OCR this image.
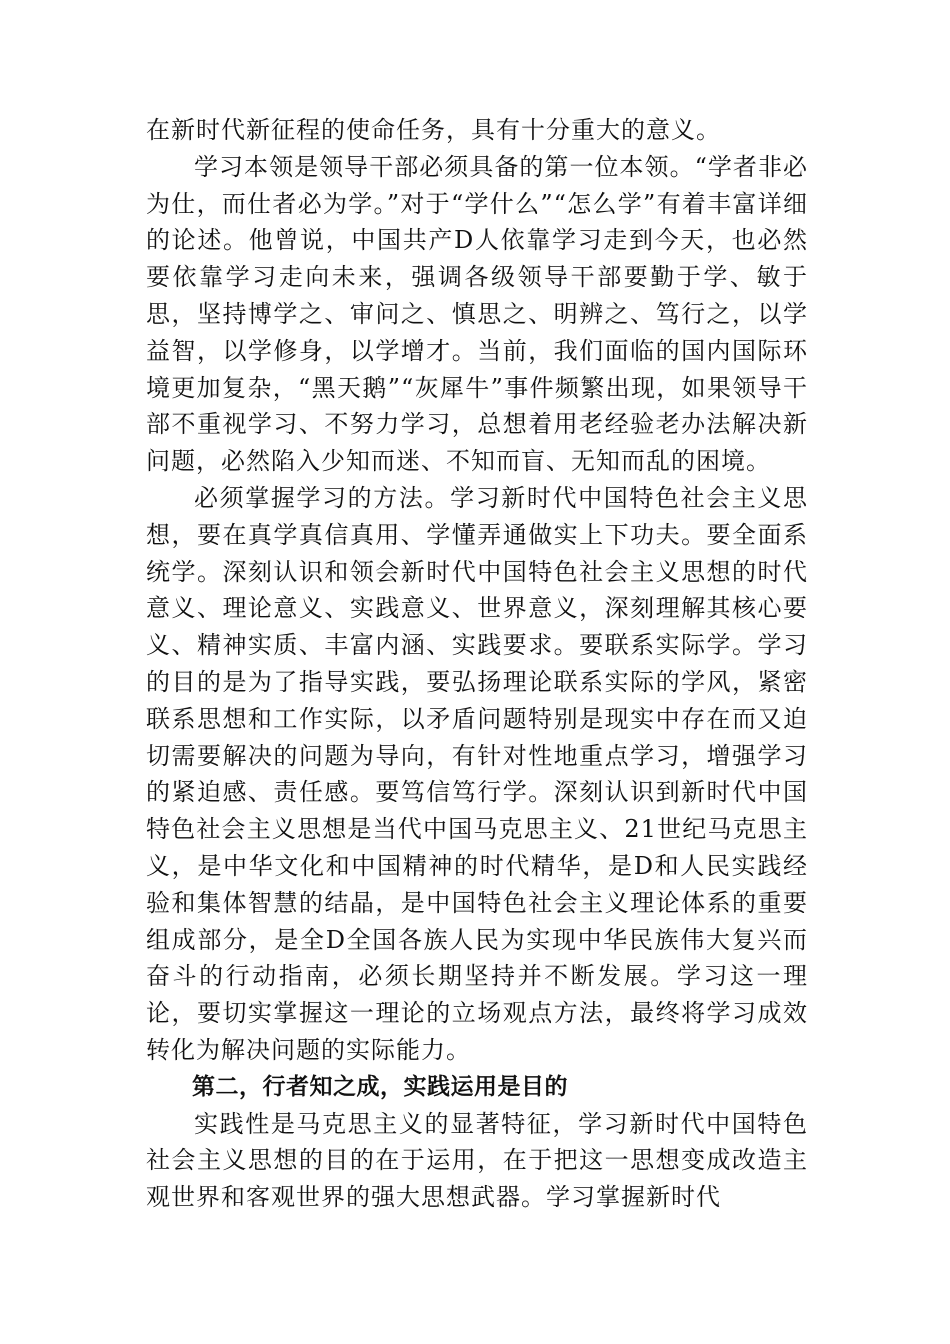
在新时代新征程的使命任务，具有十分重大的意义。

学习本领是领导干部必须具备的第一位本领。“学者非必为仕，而仕者必为学。”对于“学什么”“怎么学”有着丰富详细的论述。他曾说，中国共产D人依靠学习走到今天，也必然要依靠学习走向未来，强调各级领导干部要勤于学、敏于思，坚持博学之、审问之、慎思之、明辨之、笃行之，以学益智，以学修身，以学增才。当前，我们面临的国内国际环境更加复杂，“黑天鹅”“灰犀牛”事件频繁出现，如果领导干部不重视学习、不努力学习，总想着用老经验老办法解决新问题，必然陷入少知而迷、不知而盲、无知而乱的困境。

必须掌握学习的方法。学习新时代中国特色社会主义思想，要在真学真信真用、学懂弄通做实上下功夫。要全面系统学。深刻认识和领会新时代中国特色社会主义思想的时代意义、理论意义、实践意义、世界意义，深刻理解其核心要义、精神实质、丰富内涵、实践要求。要联系实际学。学习的目的是为了指导实践，要弘扬理论联系实际的学风，紧密联系思想和工作实际，以矛盾问题特别是现实中存在而又迫切需要解决的问题为导向，有针对性地重点学习，增强学习的紧迫感、责任感。要笃信笃行学。深刻认识到新时代中国特色社会主义思想是当代中国马克思主义、21世纪马克思主义，是中华文化和中国精神的时代精华，是D和人民实践经验和集体智慧的结晶，是中国特色社会主义理论体系的重要组成部分，是全D全国各族人民为实现中华民族伟大复兴而奋斗的行动指南，必须长期坚持并不断发展。学习这一理论，要切实掌握这一理论的立场观点方法，最终将学习成效转化为解决问题的实际能力。

第二，行者知之成，实践运用是目的

实践性是马克思主义的显著特征，学习新时代中国特色社会主义思想的目的在于运用，在于把这一思想变成改造主观世界和客观世界的强大思想武器。学习掌握新时代
